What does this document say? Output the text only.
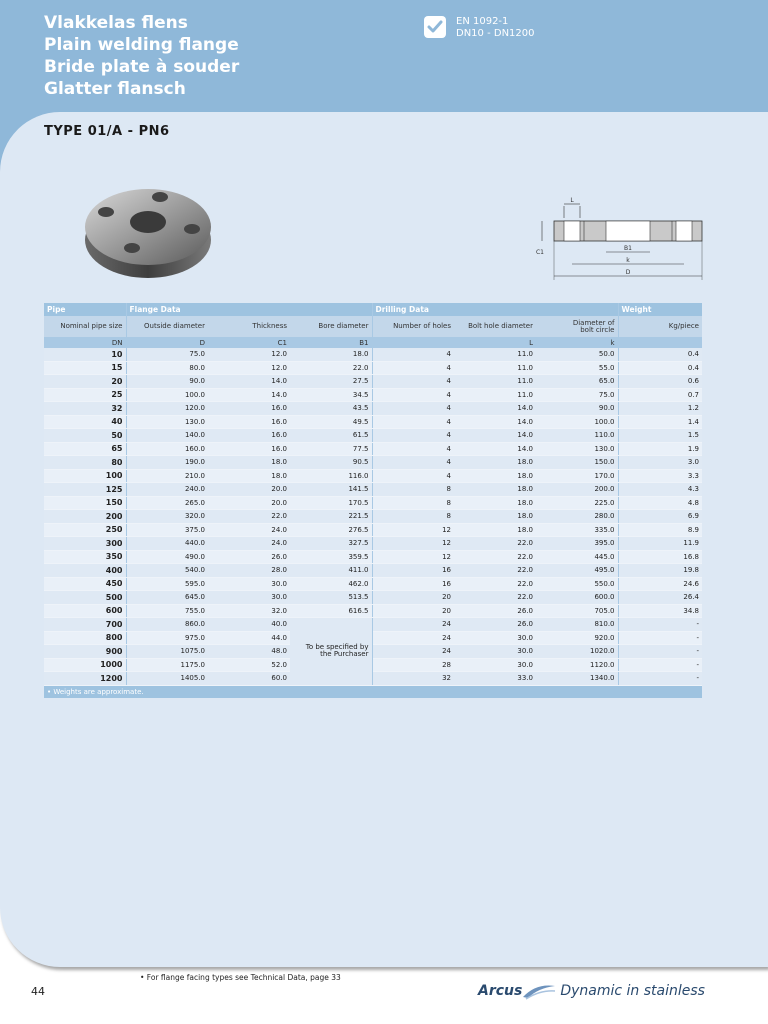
Vlakkelas flens
Plain welding flange
Bride plate à souder
Glatter flansch
EN 1092-1
DN10 - DN1200
TYPE 01/A - PN6
L
C1
B1
k
D
Pipe	Flange Data			Drilling Data			Weight
Nominal pipe size	Outside diameter	Thickness	Bore diameter	Number of holes	Bolt hole diameter	Diameter of
bolt circle	Kg/piece
DN	D	C1	B1		L	k	
10	75.0	12.0	18.0	4	11.0	50.0	0.4
15	80.0	12.0	22.0	4	11.0	55.0	0.4
20	90.0	14.0	27.5	4	11.0	65.0	0.6
25	100.0	14.0	34.5	4	11.0	75.0	0.7
32	120.0	16.0	43.5	4	14.0	90.0	1.2
40	130.0	16.0	49.5	4	14.0	100.0	1.4
50	140.0	16.0	61.5	4	14.0	110.0	1.5
65	160.0	16.0	77.5	4	14.0	130.0	1.9
80	190.0	18.0	90.5	4	18.0	150.0	3.0
100	210.0	18.0	116.0	4	18.0	170.0	3.3
125	240.0	20.0	141.5	8	18.0	200.0	4.3
150	265.0	20.0	170.5	8	18.0	225.0	4.8
200	320.0	22.0	221.5	8	18.0	280.0	6.9
250	375.0	24.0	276.5	12	18.0	335.0	8.9
300	440.0	24.0	327.5	12	22.0	395.0	11.9
350	490.0	26.0	359.5	12	22.0	445.0	16.8
400	540.0	28.0	411.0	16	22.0	495.0	19.8
450	595.0	30.0	462.0	16	22.0	550.0	24.6
500	645.0	30.0	513.5	20	22.0	600.0	26.4
600	755.0	32.0	616.5	20	26.0	705.0	34.8
700	860.0	40.0	To be specified by
the Purchaser	24	26.0	810.0	-
800	975.0	44.0		24	30.0	920.0	-
900	1075.0	48.0		24	30.0	1020.0	-
1000	1175.0	52.0		28	30.0	1120.0	-
1200	1405.0	60.0		32	33.0	1340.0	-
• Weights are approximate.							
• For flange facing types see Technical Data, page 33
44	Arcus	Dynamic in stainless
